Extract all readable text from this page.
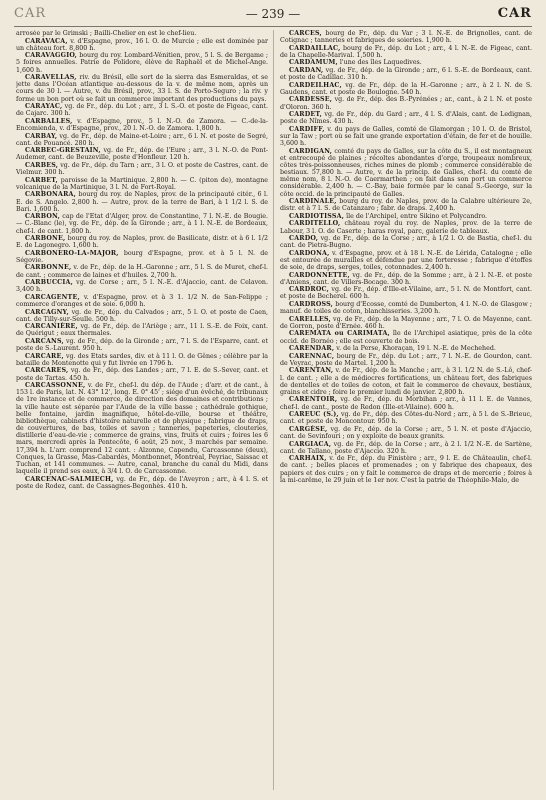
CAR	— 239 —	CAR

arrosée par le Grimski ; Bailli-Chelier en est le chef-lieu.

CARAVACA, v. d'Espagne, prov., 16 l. O. de Murcie ; elle est dominée par un château fort. 8,800 h.

CARAVAGGIO, bourg du roy. Lombard-Vénitien, prov., 5 l. S. de Bergame ; 5 foires annuelles. Patrie de Polidore, élève de Raphaël et de Michel-Ange. 1,600 h.

CARAVELLAS, riv. du Brésil, elle sort de la sierra das Esmeraldas, et se jette dans l'Océan atlantique au-dessous de la v. de même nom, après un cours de 30 l. — Autre, v. du Brésil, prov., 33 l. S. de Porto-Seguro ; la riv. y forme un bon port où se fait un commerce important des productions du pays.

CARAYAC, vg. de Fr., dép. du Lot ; arr., 3 l. S.-O. et poste de Figeac, cant. de Cajarc. 300 h.

CARBALLES, v. d'Espagne, prov., 5 l. N.-O. de Zamora. — C.-de-la-Encomienda, v. d'Espagne, prov., 20 l. N.-O. de Zamora. 1,800 h.

CARBAY, vg. de Fr., dép. de Maine-et-Loire ; arr., 6 l. N. et poste de Segré, cant. de Pouancé. 280 h.

CARBEC-GRESTAIN, vg. de Fr., dép. de l'Eure ; arr., 3 l. N.-O. de Pont-Audemer, cant. de Beuzeville, poste d'Honfleur. 120 h.

CARBES, vg. de Fr., dép. du Tarn ; arr., 3 l. O. et poste de Castres, cant. de Vielmur. 300 h.

CARBET, paroisse de la Martinique. 2,800 h. — C. (piton de), montagne volcanique de la Martinique, 3 l. N. de Fort-Royal.

CARBONARA, bourg du roy. de Naples, prov. de la principauté citér., 6 l. E. de S. Angelo. 2,800 h. — Autre, prov. de la terre de Bari, à 1 1/2 l. S. de Bari. 1,600 h.

CARBON, cap de l'Etat d'Alger, prov. de Constantine, 7 l. N.-E. de Bougie. — C.-Blanc (le), vg. de Fr., dép. de la Gironde ; arr., à 1 l. N.-E. de Bordeaux, chef-l. de cant. 1,800 h.

CARBONE, bourg du roy. de Naples, prov. de Basilicate, distr. et à 6 l. 1/2 E. de Lagonegro. 1,600 h.

CARBONERO-LA-MAJOR, bourg d'Espagne, prov. et à 5 l. N. de Ségovie.

CARBONNE, v. de Fr., dép. de la H.-Garonne ; arr., 5 l. S. de Muret, chef-l. de cant. ; commerce de laines et d'huiles. 2,700 h.

CARBUCCIA, vg. de Corse ; arr., 5 l. N.-E. d'Ajaccio, cant. de Celavon. 3,400 h.

CARCAGENTE, v. d'Espagne, prov. et à 3 1. 1/2 N. de San-Felippe ; commerce d'oranges et de soie. 6,000 h.

CARCAGNY, vg. de Fr., dép. du Calvados ; arr., 5 l. O. et poste de Caen, cant. de Tilly-sur-Seulle. 500 h.

CARCANIÈRE, vg. de Fr., dép. de l'Ariège ; arr., 11 l. S.-E. de Foix, cant. de Quérigut ; eaux thermales.

CARCANS, vg. de Fr., dép. de la Gironde ; arr., 7 l. S. de l'Esparre, cant. et poste de S.-Laurent. 950 h.

CARCARE, vg. des Etats sardes, div. et à 11 l. O. de Gênes ; célèbre par la bataille de Montenotte qui y fut livrée en 1796 h.

CARCARES, vg. de Fr., dép. des Landes ; arr., 7 l. E. de S.-Sever, cant. et poste de Tartas. 450 h.

CARCASSONNE, v. de Fr., chef-l. du dép. de l'Aude ; d'arr. et de cant., à 153 l. de Paris, lat. N. 43° 12', long. E. 0° 45' ; siége d'un évêché, de tribunaux de 1re instance et de commerce, de direction des domaines et contributions ; la ville haute est séparée par l'Aude de la ville basse ; cathédrale gothique, belle fontaine, jardin magnifique, hôtel-de-ville, bourse et théâtre, bibliothèque, cabinets d'histoire naturelle et de physique ; fabrique de draps, de couvertures, de bas, toiles et savon ; tanneries, papeteries, clouteries, distillerie d'eau-de-vie ; commerce de grains, vins, fruits et cuirs ; foires les 6 mars, mercredi après la Pentecôte, 6 août, 25 nov., 3 marchés par semaine. 17,394 h. L'arr. comprend 12 cant. : Alzonne, Capendu, Carcassonne (deux), Conques, la Grasse, Mas-Cabardès, Montbonnet, Montréal, Peyriac, Saissac et Tuchan, et 141 communes. — Autre, canal, branche du canal du Midi, dans laquelle il prend ses eaux, à 3/4 l. O. de Carcassonne.

CARCENAC-SALMIECH, vg. de Fr., dép. de l'Aveyron ; arr., à 4 l. S. et poste de Rodez, cant. de Cassagnes-Begonhès. 410 h.

CARCÈS, bourg de Fr., dép. du Var ; 3 l. N.-E. de Brignolles, cant. de Cotignac ; tanneries et fabriques de soieries. 1,900 h.

CARDAILLAC, bourg de Fr., dép. du Lot ; arr., 4 l. N.-E. de Figeac, cant. de la Chapelle-Marival. 1,500 h.

CARDAMUM, l'une des îles Laquedives.

CARDAN, vg. de Fr., dép. de la Gironde ; arr., 6 l. S.-E. de Bordeaux, cant. et poste de Cadillac. 310 h.

CARDEILHAC, vg. de Fr., dép. de la H.-Garonne ; arr., à 2 l. N. de S. Gaudens, cant. et poste de Boulogne. 540 h.

CARDESSE, vg. de Fr., dép. des B.-Pyrénées ; ar., cant., à 2 l. N. et poste d'Oloron. 360 h.

CARDET, vg. de Fr., dép. du Gard ; arr., 4 l. S. d'Alais, cant. de Ledignan, poste de Nîmes. 430 h.

CARDIFF, v. du pays de Galles, comté de Glamorgan ; 10 l. O. de Bristol, sur la Taw ; port où se fait une grande exportation d'étain, de fer et de houille. 3,600 h.

CARDIGAN, comté du pays de Galles, sur la côte du S., il est montagneux et entrecoupé de plaines ; récoltes abondantes d'orge, troupeaux nombreux, côtes très-poissonneuses, riches mines de plomb ; commerce considérable de bestiaux. 57,800 h. — Autre, v. de la princip. de Galles, chef-l. du comté de même nom, 8 l. N.-O. de Caermarthen ; on fait dans son port un commerce considérable. 2,400 h. — C.-Bay, baie formée par le canal S.-George, sur la côte occid. de la principauté de Galles.

CARDINALE, bourg du roy. de Naples, prov. de la Calabre ultérieure 2e, distr. et à 7 l. S. de Catanzaro ; fabr. de draps. 2,400 h.

CARDIOTISSA, île de l'Archipel, entre Sikino et Polycandro.

CARDITELLO, château royal du roy. de Naples, prov. de la terre de Labour, 3 l. O. de Caserte ; haras royal, parc, galerie de tableaux.

CARDO, vg. de Fr., dép. de la Corse ; arr., à 1/2 l. O. de Bastia, chef-l. du cant. de Pietra-Bugno.

CARDONA, v. d'Espagne, prov. et à 18 l. N.-E. de Lérida, Catalogne ; elle est entourée de murailles et défendue par une forteresse ; fabrique d'étoffes de soie, de draps, serges, toiles, cotonnades. 2,400 h.

CARDONNETTE, vg. de Fr., dép. de la Somme ; arr., à 2 l. N.-E. et poste d'Amiens, cant. de Villers-Bocage. 300 h.

CARDROC, vg. de Fr., dép. d'Ille-et-Vilaine, arr., 5 l. N. de Montfort, cant. et poste de Becherel. 600 h.

CARDROSS, bourg d'Ecosse, comté de Dumberton, 4 l. N.-O. de Glasgow ; manuf. de toiles de coton, blanchisseries. 3,200 h.

CARELLES, vg. de Fr., dép. de la Mayenne ; arr., 7 l. O. de Mayenne, cant. de Gorron, poste d'Ernée. 460 h.

CAREMATA ou CARIMATA, île de l'Archipel asiatique, près de la côte occid. de Bornéo ; elle est couverte de bois.

CARENDAR, v. de la Perse, Khoraçan, 19 l. N.-E. de Mechehed.

CARENNAC, bourg de Fr., dép. du Lot ; arr., 7 l. N.-E. de Gourdon, cant. de Veyrac, poste de Martel. 1,200 h.

CARENTAN, v. de Fr., dép. de la Manche ; arr., à 3 l. 1/2 N. de S.-Lô, chef-l. de cant. ; elle a de médiocres fortifications, un château fort, des fabriques de dentelles et de toiles de coton, et fait le commerce de chevaux, bestiaux, grains et cidre ; foire le premier lundi de janvier. 2,800 h.

CARENTOIR, vg. de Fr., dép. du Morbihan ; arr., à 11 l. E. de Vannes, chef-l. de cant., poste de Redon (Ille-et-Vilaine). 600 h.

CAREUC (S.), vg. de Fr., dép. des Côtes-du-Nord ; arr., à 5 l. de S.-Brieuc, cant. et poste de Moncontour. 950 h.

CARGÈSE, vg. de Fr., dép. de la Corse ; arr., 5 l. N. et poste d'Ajaccio, cant. de Sevinfouri ; on y exploite de beaux granits.

CARGIACA, vg. de Fr., dép. de la Corse ; arr., à 2 l. 1/2 N.-E. de Sartène, cant. de Tallano, poste d'Ajaccio. 320 h.

CARHAIX, v. de Fr., dép. du Finistère ; arr., 9 l. E. de Châteaulin, chef-l. de cant. ; belles places et promenades ; on y fabrique des chapeaux, des papiers et des cuirs ; on y fait le commerce de draps et de mercerie ; foires à la mi-carême, le 29 juin et le 1er nov. C'est la patrie de Théophile-Malo, de
